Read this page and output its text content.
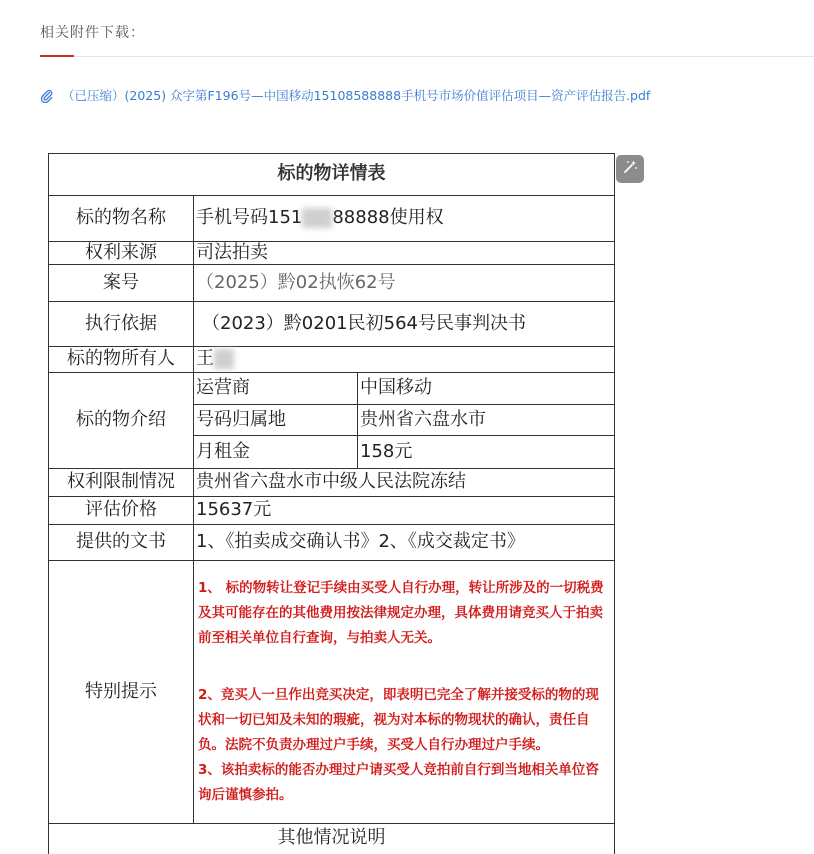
相关附件下载：
（已压缩）(2025) 众字第F196号—中国移动15108588888手机号市场价值评估项目—资产评估报告.pdf
标的物详情表		
标的物名称	手机号码151 88888使用权	
权利来源	司法拍卖	
案号	（2025）黔02执恢62号	
执行依据	（2023）黔0201民初564号民事判决书	
标的物所有人	王	
标的物介绍	运营商	中国移动
	号码归属地	贵州省六盘水市
	月租金	158元
权利限制情况	贵州省六盘水市中级人民法院冻结	
评估价格	15637元	
提供的文书	1、《拍卖成交确认书》2、《成交裁定书》	
特别提示	1、 标的物转让登记手续由买受人自行办理，转让所涉及的一切税费及其可能存在的其他费用按法律规定办理，具体费用请竞买人于拍卖前至相关单位自行查询，与拍卖人无关。

2、竞买人一旦作出竞买决定，即表明已完全了解并接受标的物的现状和一切已知及未知的瑕疵，视为对本标的物现状的确认，责任自负。法院不负责办理过户手续，买受人自行办理过户手续。

3、该拍卖标的能否办理过户请买受人竞拍前自行到当地相关单位咨询后谨慎参拍。	

其他情况说明		
